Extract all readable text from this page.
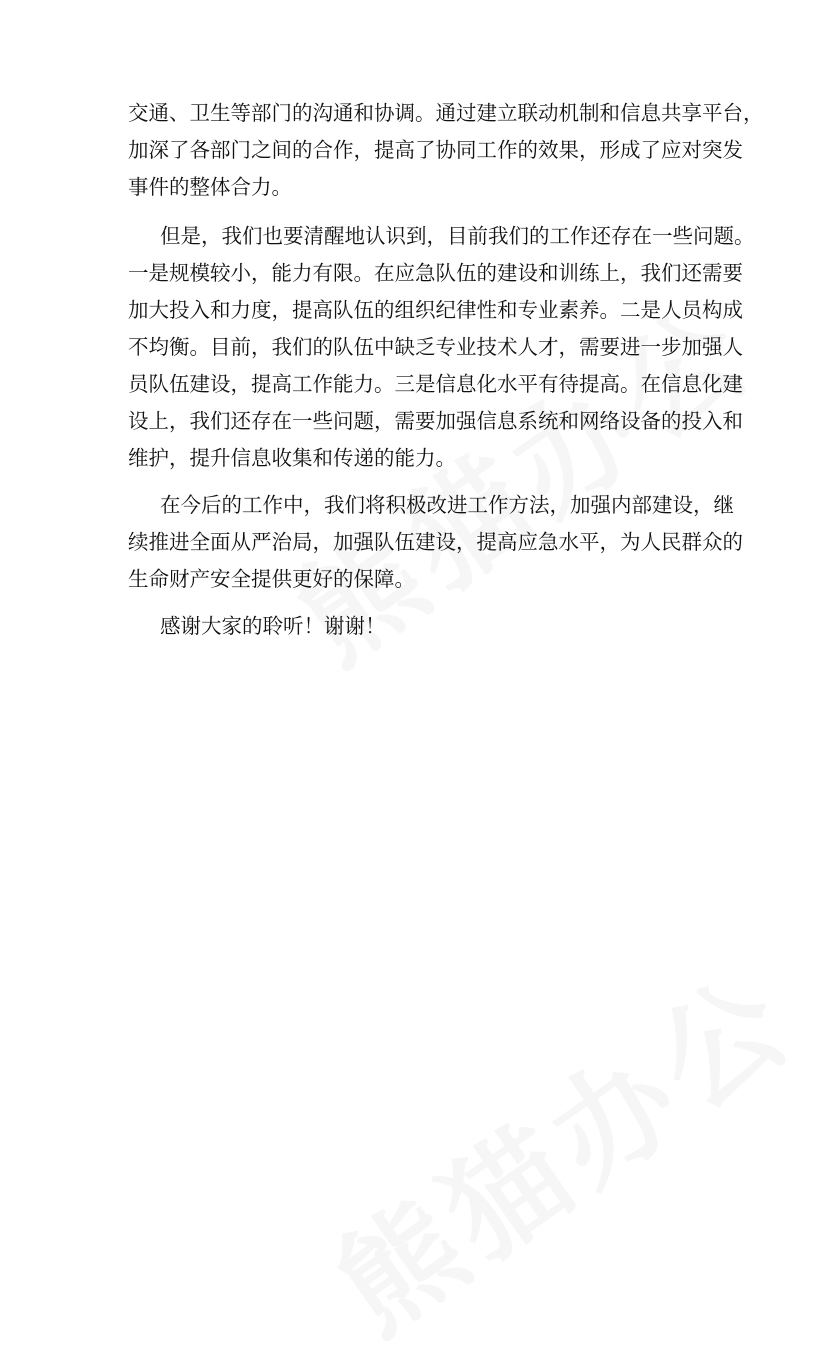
交通、卫生等部门的沟通和协调。通过建立联动机制和信息共享平台，
加深了各部门之间的合作，提高了协同工作的效果，形成了应对突发
事件的整体合力。
但是，我们也要清醒地认识到，目前我们的工作还存在一些问题。
一是规模较小，能力有限。在应急队伍的建设和训练上，我们还需要
加大投入和力度，提高队伍的组织纪律性和专业素养。二是人员构成
不均衡。目前，我们的队伍中缺乏专业技术人才，需要进一步加强人
员队伍建设，提高工作能力。三是信息化水平有待提高。在信息化建
设上，我们还存在一些问题，需要加强信息系统和网络设备的投入和
维护，提升信息收集和传递的能力。
在今后的工作中，我们将积极改进工作方法，加强内部建设，继
续推进全面从严治局，加强队伍建设，提高应急水平，为人民群众的
生命财产安全提供更好的保障。
感谢大家的聆听！谢谢！
